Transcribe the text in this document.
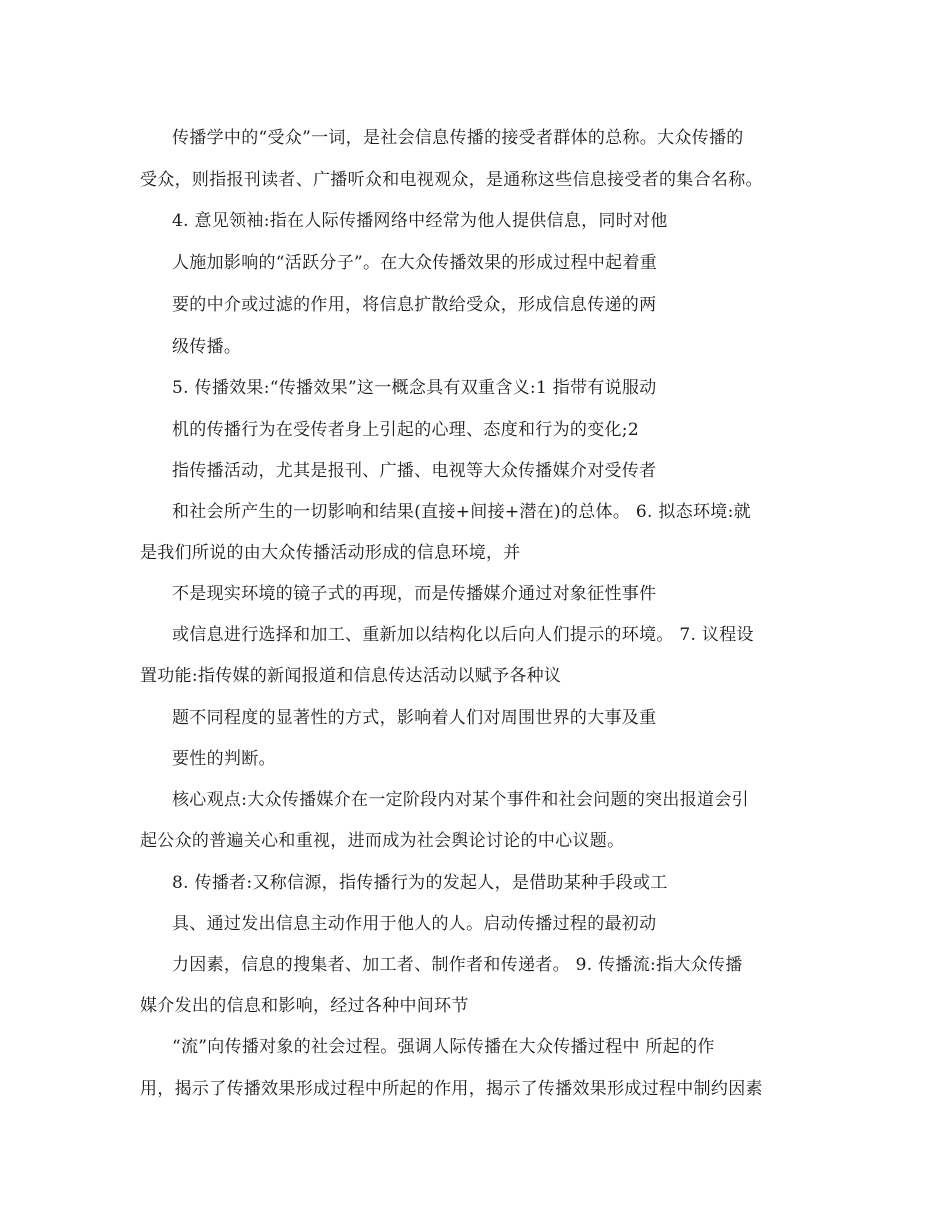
传播学中的“受众”一词，是社会信息传播的接受者群体的总称。大众传播的
受众，则指报刊读者、广播听众和电视观众，是通称这些信息接受者的集合名称。
4. 意见领袖:指在人际传播网络中经常为他人提供信息，同时对他
人施加影响的“活跃分子”。在大众传播效果的形成过程中起着重
要的中介或过滤的作用，将信息扩散给受众，形成信息传递的两
级传播。
5. 传播效果:“传播效果”这一概念具有双重含义:1 指带有说服动
机的传播行为在受传者身上引起的心理、态度和行为的变化;2
指传播活动，尤其是报刊、广播、电视等大众传播媒介对受传者
和社会所产生的一切影响和结果(直接+间接+潜在)的总体。 6. 拟态环境:就
是我们所说的由大众传播活动形成的信息环境，并
不是现实环境的镜子式的再现，而是传播媒介通过对象征性事件
或信息进行选择和加工、重新加以结构化以后向人们提示的环境。 7. 议程设
置功能:指传媒的新闻报道和信息传达活动以赋予各种议
题不同程度的显著性的方式，影响着人们对周围世界的大事及重
要性的判断。
核心观点:大众传播媒介在一定阶段内对某个事件和社会问题的突出报道会引
起公众的普遍关心和重视，进而成为社会舆论讨论的中心议题。
8. 传播者:又称信源，指传播行为的发起人，是借助某种手段或工
具、通过发出信息主动作用于他人的人。启动传播过程的最初动
力因素，信息的搜集者、加工者、制作者和传递者。 9. 传播流:指大众传播
媒介发出的信息和影响，经过各种中间环节
“流”向传播对象的社会过程。强调人际传播在大众传播过程中 所起的作
用，揭示了传播效果形成过程中所起的作用，揭示了传播效果形成过程中制约因素
